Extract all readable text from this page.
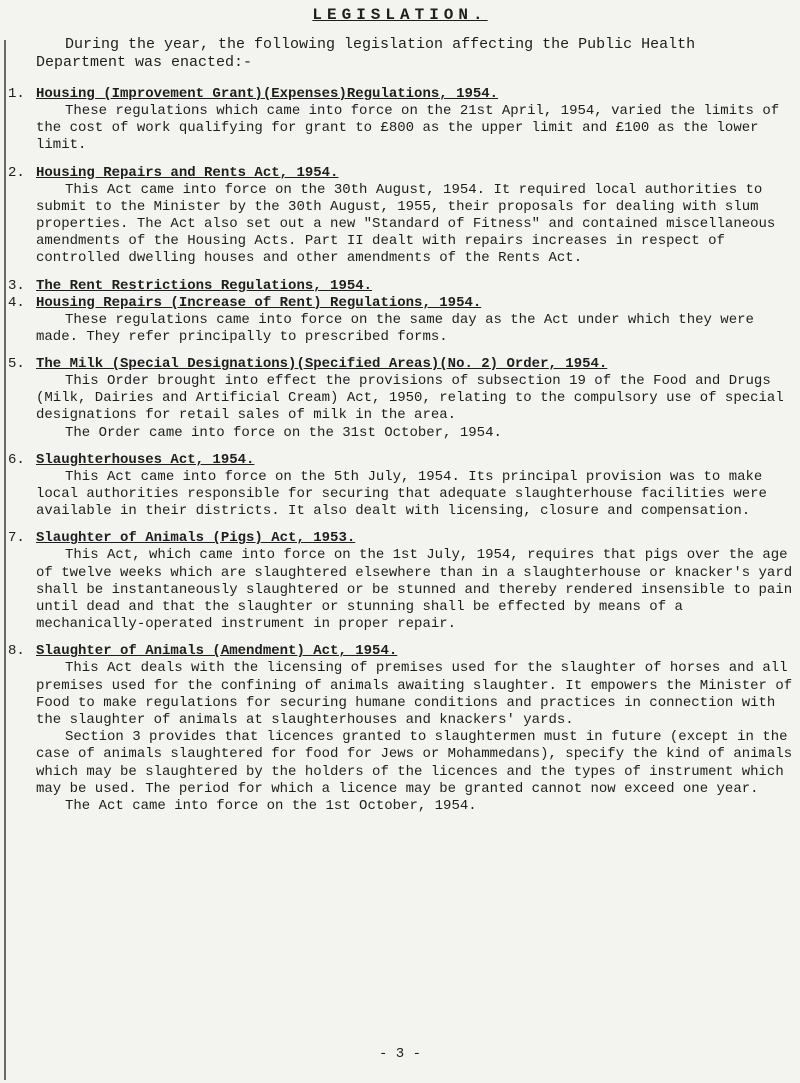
LEGISLATION.

During the year, the following legislation affecting the Public Health Department was enacted:-

1. Housing (Improvement Grant)(Expenses)Regulations, 1954.

These regulations which came into force on the 21st April, 1954, varied the limits of the cost of work qualifying for grant to £800 as the upper limit and £100 as the lower limit.

2. Housing Repairs and Rents Act, 1954.

This Act came into force on the 30th August, 1954. It required local authorities to submit to the Minister by the 30th August, 1955, their proposals for dealing with slum properties. The Act also set out a new "Standard of Fitness" and contained miscellaneous amendments of the Housing Acts. Part II dealt with repairs increases in respect of controlled dwelling houses and other amendments of the Rents Act.

3. The Rent Restrictions Regulations, 1954.

4. Housing Repairs (Increase of Rent) Regulations, 1954.

These regulations came into force on the same day as the Act under which they were made. They refer principally to prescribed forms.

5. The Milk (Special Designations)(Specified Areas)(No. 2) Order, 1954.

This Order brought into effect the provisions of subsection 19 of the Food and Drugs (Milk, Dairies and Artificial Cream) Act, 1950, relating to the compulsory use of special designations for retail sales of milk in the area.

The Order came into force on the 31st October, 1954.

6. Slaughterhouses Act, 1954.

This Act came into force on the 5th July, 1954. Its principal provision was to make local authorities responsible for securing that adequate slaughterhouse facilities were available in their districts. It also dealt with licensing, closure and compensation.

7. Slaughter of Animals (Pigs) Act, 1953.

This Act, which came into force on the 1st July, 1954, requires that pigs over the age of twelve weeks which are slaughtered elsewhere than in a slaughterhouse or knacker's yard shall be instantaneously slaughtered or be stunned and thereby rendered insensible to pain until dead and that the slaughter or stunning shall be effected by means of a mechanically-operated instrument in proper repair.

8. Slaughter of Animals (Amendment) Act, 1954.

This Act deals with the licensing of premises used for the slaughter of horses and all premises used for the confining of animals awaiting slaughter. It empowers the Minister of Food to make regulations for securing humane conditions and practices in connection with the slaughter of animals at slaughterhouses and knackers' yards.

Section 3 provides that licences granted to slaughtermen must in future (except in the case of animals slaughtered for food for Jews or Mohammedans), specify the kind of animals which may be slaughtered by the holders of the licences and the types of instrument which may be used. The period for which a licence may be granted cannot now exceed one year.

The Act came into force on the 1st October, 1954.

- 3 -
